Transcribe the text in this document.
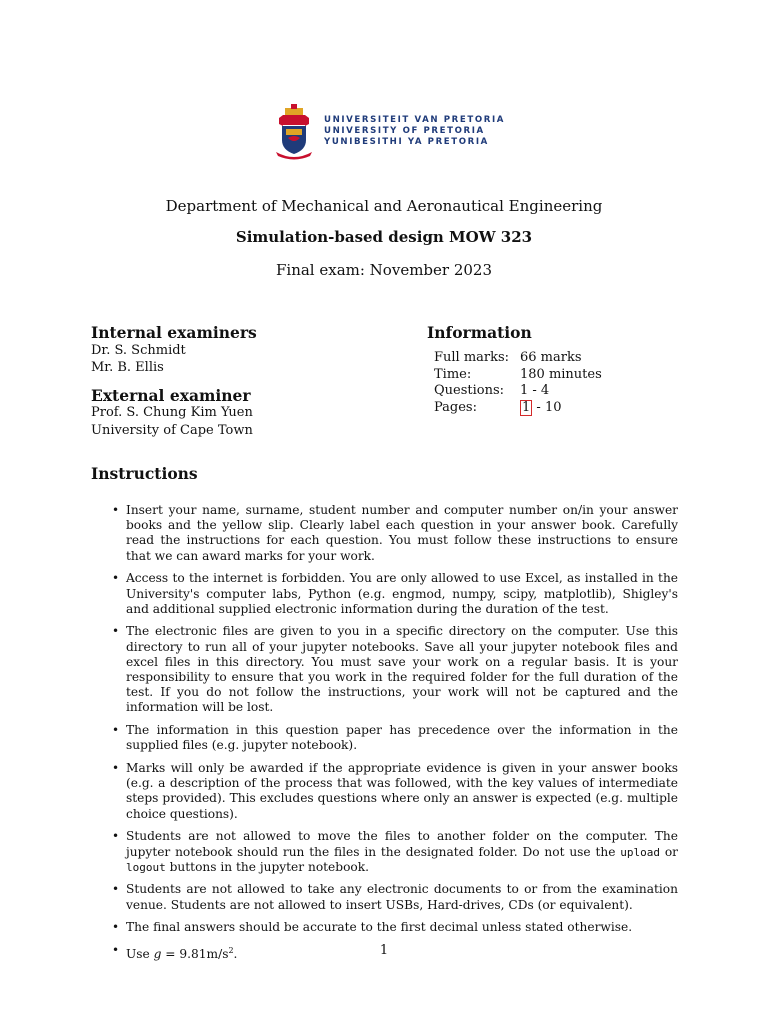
UNIVERSITEIT VAN PRETORIA
UNIVERSITY OF PRETORIA
YUNIBESITHI YA PRETORIA
Department of Mechanical and Aeronautical Engineering
Simulation-based design MOW 323
Final exam: November 2023
Internal examiners
Dr. S. Schmidt
Mr. B. Ellis
External examiner
Prof. S. Chung Kim Yuen
University of Cape Town
Information
Full marks:	66 marks
Time:	180 minutes
Questions:	1 - 4
Pages:	1 - 10
Instructions
• Insert your name, surname, student number and computer number on/in your answer books and the yellow slip. Clearly label each question in your answer book. Carefully read the instructions for each question. You must follow these instructions to ensure that we can award marks for your work.
• Access to the internet is forbidden. You are only allowed to use Excel, as installed in the University's computer labs, Python (e.g. engmod, numpy, scipy, matplotlib), Shigley's and additional supplied electronic information during the duration of the test.
• The electronic files are given to you in a specific directory on the computer. Use this directory to run all of your jupyter notebooks. Save all your jupyter notebook files and excel files in this directory. You must save your work on a regular basis. It is your responsibility to ensure that you work in the required folder for the full duration of the test. If you do not follow the instructions, your work will not be captured and the information will be lost.
• The information in this question paper has precedence over the information in the supplied files (e.g. jupyter notebook).
• Marks will only be awarded if the appropriate evidence is given in your answer books (e.g. a description of the process that was followed, with the key values of intermediate steps provided). This excludes questions where only an answer is expected (e.g. multiple choice questions).
• Students are not allowed to move the files to another folder on the computer. The jupyter notebook should run the files in the designated folder. Do not use the upload or logout buttons in the jupyter notebook.
• Students are not allowed to take any electronic documents to or from the examination venue. Students are not allowed to insert USBs, Hard-drives, CDs (or equivalent).
• The final answers should be accurate to the first decimal unless stated otherwise.
• Use $g = 9.81m/s^2$.	1
